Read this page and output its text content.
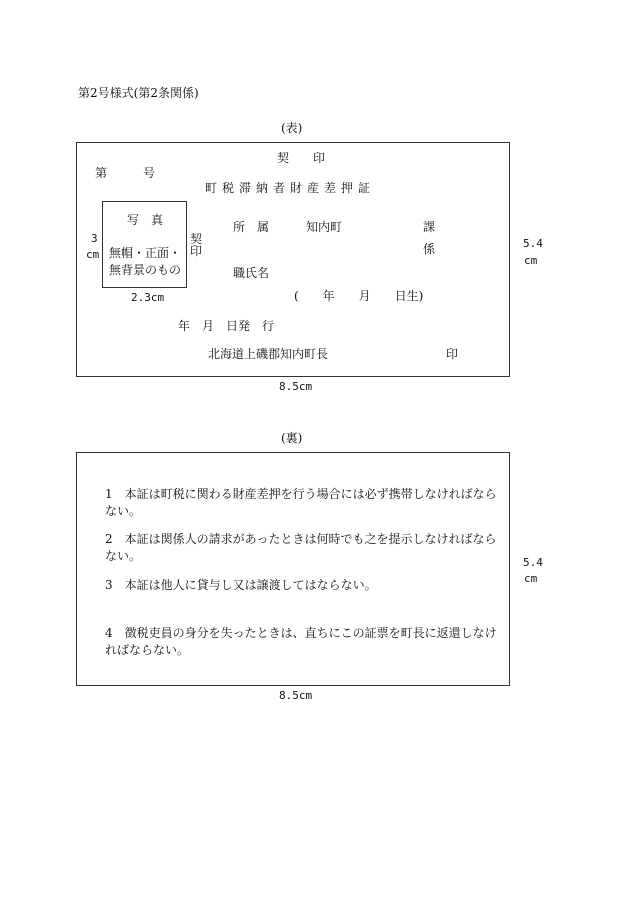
第2号様式(第2条関係)
(表)
契　　印
第　　　号
町税滞納者財産差押証
写　真
無帽・正面・
無背景のもの
3
cm
2.3cm
契
印
所　属	知内町	課
係
職氏名
(　　年　　月　　日生)
年　月　日発　行
北海道上磯郡知内町長	印
5.4
cm
8.5cm
(裏)
1　本証は町税に関わる財産差押を行う場合には必ず携帯しなければならない。
2　本証は関係人の請求があったときは何時でも之を提示しなければならない。
3　本証は他人に貸与し又は譲渡してはならない。
4　徴税吏員の身分を失ったときは、直ちにこの証票を町長に返還しなければならない。
5.4
cm
8.5cm
